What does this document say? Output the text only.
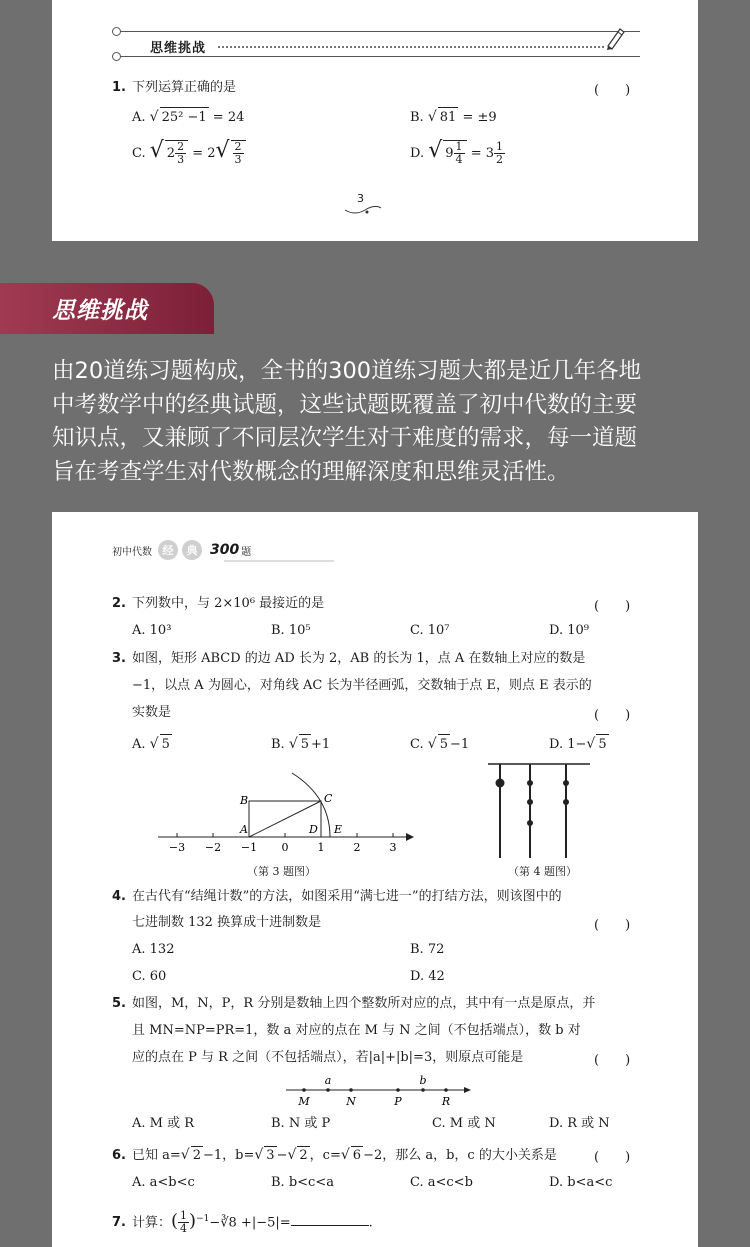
思维挑战
1. 下列运算正确的是	(　　)
A. √ 25² −1 = 24	B. √ 81 = ±9
C. √ $2 \frac{2}{3} = 2√ \frac{2}{3}$	D. √ $9 \frac{1}{4} = 3 \frac{1}{2}$
3
思维挑战
由20道练习题构成，全书的300道练习题大都是近几年各地
中考数学中的经典试题，这些试题既覆盖了初中代数的主要
知识点，又兼顾了不同层次学生对于难度的需求，每一道题
旨在考查学生对代数概念的理解深度和思维灵活性。
初中代数 经	典 300 题
2. 下列数中，与 2×10⁶ 最接近的是	(　　)
A. 10³	B. 10⁵	C. 10⁷	D. 10⁹
3. 如图，矩形 ABCD 的边 AD 长为 2，AB 的长为 1，点 A 在数轴上对应的数是
−1，以点 A 为圆心，对角线 AC 长为半径画弧，交数轴于点 E，则点 E 表示的
实数是	(　　)
A. √ 5	B. √ 5 +1	C. √ 5 −1	D. 1−√ 5
−3 −2 −1 0	1	2	3
A
B	C
D E
（第 3 题图）	（第 4 题图）
4. 在古代有“结绳计数”的方法，如图采用“满七进一”的打结方法，则该图中的
七进制数 132 换算成十进制数是	(　　)
A. 132	B. 72
C. 60	D. 42
5. 如图，M，N，P，R 分别是数轴上四个整数所对应的点，其中有一点是原点，并
且 MN=NP=PR=1，数 a 对应的点在 M 与 N 之间（不包括端点），数 b 对
应的点在 P 与 R 之间（不包括端点），若|a|+|b|=3，则原点可能是	(　　)
a	b
M	N	P	R
A. M 或 R	B. N 或 P	C. M 或 N	D. R 或 N
6. 已知 a=√ 2 −1，b=√ 3 −√ 2 ，c=√ 6 −2，那么 a，b，c 的大小关系是	(　　)
A. a<b<c	B. b<c<a	C. a<c<b	D. b<a<c
7. 计算：( $\frac{1}{4}$ )$^{-1}$−∛8 +|−5|=	.
